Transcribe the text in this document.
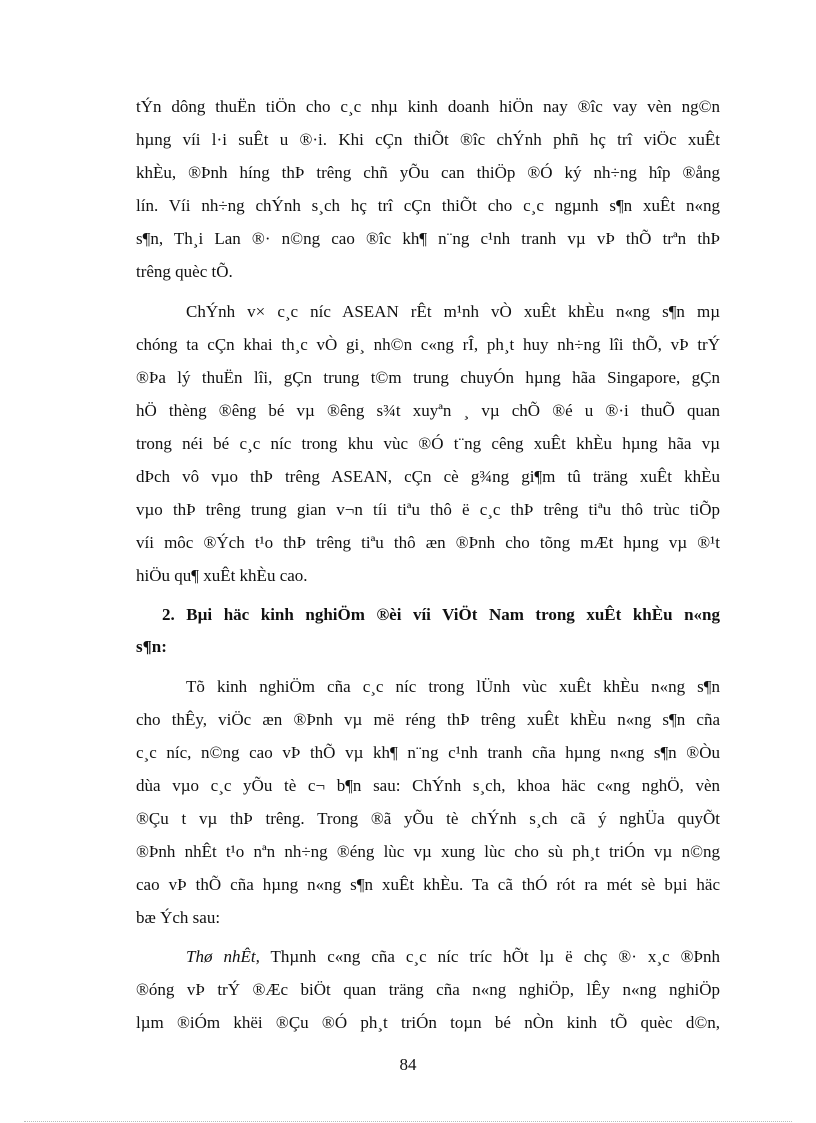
tÝn dông thuËn tiÖn cho c¸c nhµ kinh doanh hiÖn nay ®îc vay vèn ng©n
hµng víi l·i suÊt u ®·i. Khi cÇn thiÕt ®îc chÝnh phñ hç trî viÖc xuÊt
khÈu, ®Þnh híng thÞ trêng chñ yÕu can thiÖp ®Ó ký nh÷ng hîp ®ång
lín. Víi nh÷ng chÝnh s¸ch hç trî cÇn thiÕt cho c¸c ngµnh s¶n xuÊt n«ng
s¶n, Th¸i Lan ®· n©ng cao ®îc kh¶ n¨ng c¹nh tranh vµ vÞ thÕ trªn thÞ
trêng quèc tÕ.
ChÝnh v× c¸c níc ASEAN rÊt m¹nh vÒ xuÊt khÈu n«ng s¶n mµ
chóng ta cÇn khai th¸c vÒ gi¸ nh©n c«ng rÎ, ph¸t huy nh÷ng lîi thÕ, vÞ trÝ
®Þa lý thuËn lîi, gÇn trung t©m trung chuyÓn hµng hãa Singapore, gÇn
hÖ thèng ®êng bé vµ ®êng s¾t xuyªn ¸ vµ chÕ ®é u ®·i thuÕ quan
trong néi bé c¸c níc trong khu vùc ®Ó t¨ng cêng xuÊt khÈu hµng hãa vµ
dÞch vô vµo thÞ trêng ASEAN, cÇn cè g¾ng gi¶m tû träng xuÊt khÈu
vµo thÞ trêng trung gian v¬n tíi tiªu thô ë c¸c thÞ trêng tiªu thô trùc tiÕp
víi môc ®Ých t¹o thÞ trêng tiªu thô æn ®Þnh cho tõng mÆt hµng vµ ®¹t
hiÖu qu¶ xuÊt khÈu cao.
2. Bµi häc kinh nghiÖm ®èi víi ViÖt Nam trong xuÊt khÈu n«ng
s¶n:
Tõ kinh nghiÖm cña c¸c níc trong lÜnh vùc xuÊt khÈu n«ng s¶n
cho thÊy, viÖc æn ®Þnh vµ më réng thÞ trêng xuÊt khÈu n«ng s¶n cña
c¸c níc, n©ng cao vÞ thÕ vµ kh¶ n¨ng c¹nh tranh cña hµng n«ng s¶n ®Òu
dùa vµo c¸c yÕu tè c¬ b¶n sau: ChÝnh s¸ch, khoa häc c«ng nghÖ, vèn
®Çu t vµ thÞ trêng. Trong ®ã yÕu tè chÝnh s¸ch cã ý nghÜa quyÕt
®Þnh nhÊt t¹o nªn nh÷ng ®éng lùc vµ xung lùc cho sù ph¸t triÓn vµ n©ng
cao vÞ thÕ cña hµng n«ng s¶n xuÊt khÈu. Ta cã thÓ rót ra mét sè bµi häc
bæ Ých sau:
Thø nhÊt, Thµnh c«ng cña c¸c níc tríc hÕt lµ ë chç ®· x¸c ®Þnh
®óng vÞ trÝ ®Æc biÖt quan träng cña n«ng nghiÖp, lÊy n«ng nghiÖp
lµm ®iÓm khëi ®Çu ®Ó ph¸t triÓn toµn bé nÒn kinh tÕ quèc d©n,
84
